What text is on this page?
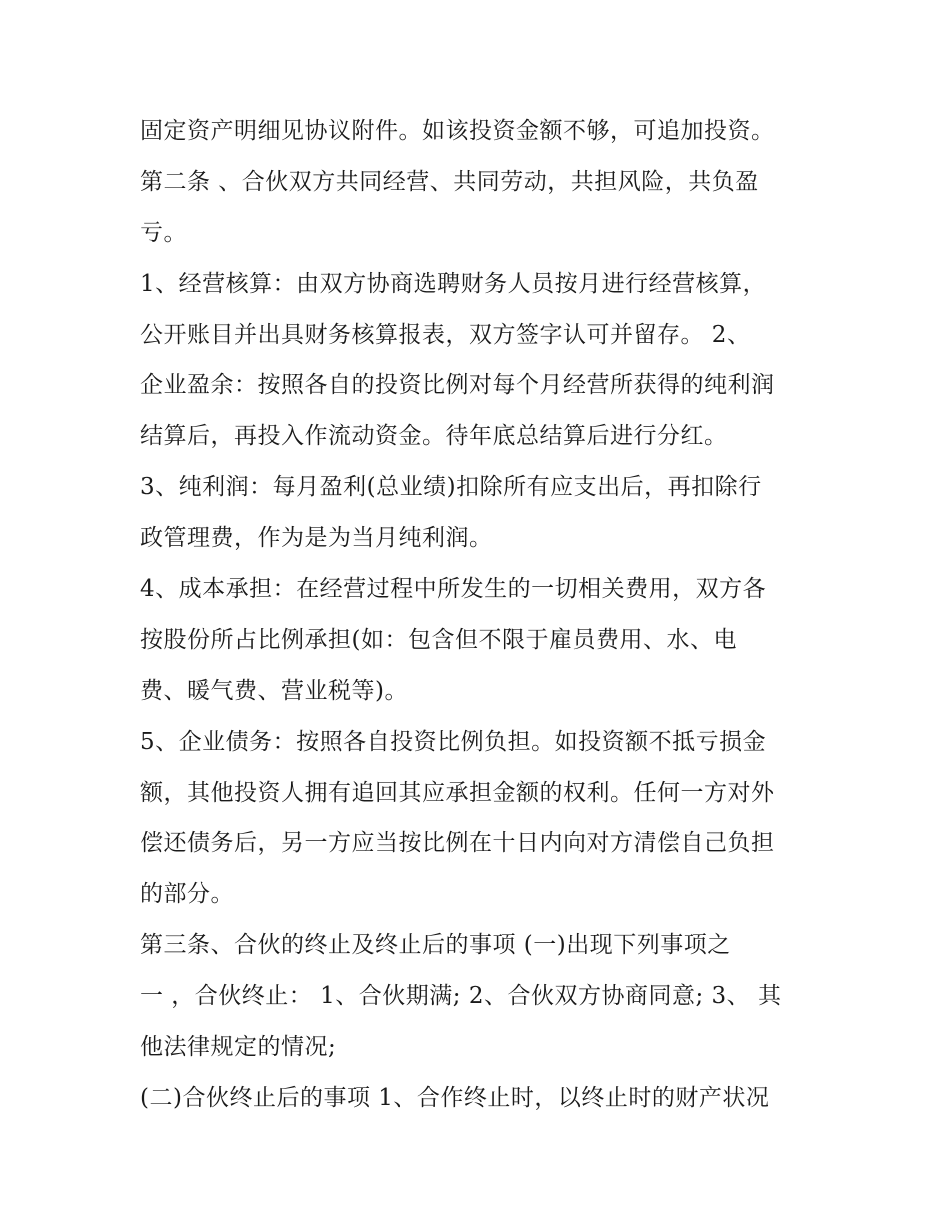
固定资产明细见协议附件。如该投资金额不够，可追加投资。
第二条 、合伙双方共同经营、共同劳动，共担风险，共负盈
亏。
1、经营核算：由双方协商选聘财务人员按月进行经营核算，
公开账目并出具财务核算报表，双方签字认可并留存。 2、
企业盈余：按照各自的投资比例对每个月经营所获得的纯利润
结算后，再投入作流动资金。待年底总结算后进行分红。
3、纯利润：每月盈利(总业绩)扣除所有应支出后，再扣除行
政管理费，作为是为当月纯利润。
4、成本承担：在经营过程中所发生的一切相关费用，双方各
按股份所占比例承担(如：包含但不限于雇员费用、水、电
费、暖气费、营业税等)。
5、企业债务：按照各自投资比例负担。如投资额不抵亏损金
额，其他投资人拥有追回其应承担金额的权利。任何一方对外
偿还债务后，另一方应当按比例在十日内向对方清偿自己负担
的部分。
第三条、合伙的终止及终止后的事项 (一)出现下列事项之
一 ，合伙终止： 1、合伙期满; 2、合伙双方协商同意; 3、 其
他法律规定的情况;
(二)合伙终止后的事项 1、合作终止时，以终止时的财产状况
